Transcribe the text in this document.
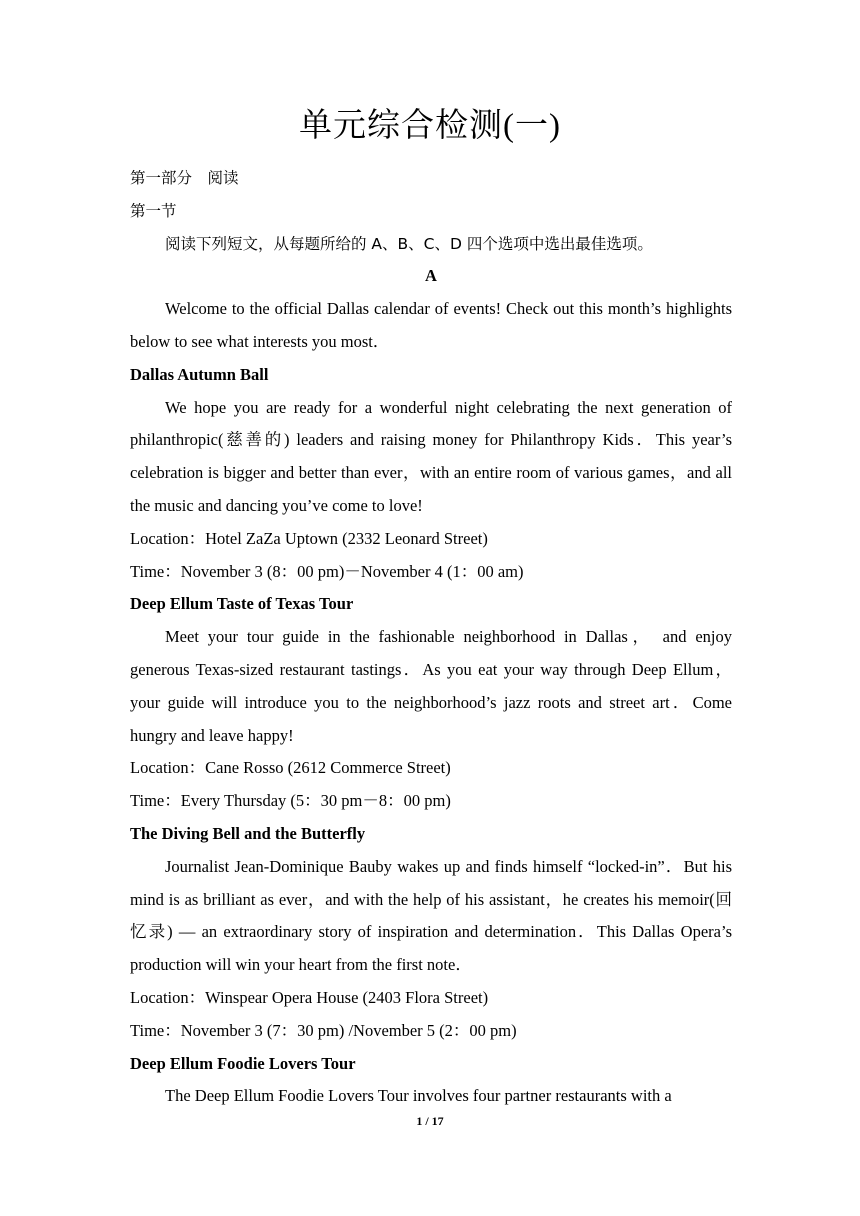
单元综合检测(一)
第一部分　阅读
第一节
阅读下列短文，从每题所给的 A、B、C、D 四个选项中选出最佳选项。
A
Welcome to the official Dallas calendar of events! Check out this month’s highlights below to see what interests you most．
Dallas Autumn Ball
We hope you are ready for a wonderful night celebrating the next generation of philanthropic(慈善的) leaders and raising money for Philanthropy Kids．This year’s celebration is bigger and better than ever，with an entire room of various games，and all the music and dancing you’ve come to love!
Location：Hotel ZaZa Uptown (2332 Leonard Street)
Time：November 3 (8：00 pm)－November 4 (1：00 am)
Deep Ellum Taste of Texas Tour
Meet your tour guide in the fashionable neighborhood in Dallas， and enjoy generous Texas-sized restaurant tastings．As you eat your way through Deep Ellum，your guide will introduce you to the neighborhood’s jazz roots and street art．Come hungry and leave happy!
Location：Cane Rosso (2612 Commerce Street)
Time：Every Thursday (5：30 pm－8：00 pm)
The Diving Bell and the Butterfly
Journalist Jean-Dominique Bauby wakes up and finds himself “locked-in”．But his mind is as brilliant as ever，and with the help of his assistant，he creates his memoir(回忆录) — an extraordinary story of inspiration and determination．This Dallas Opera’s production will win your heart from the first note．
Location：Winspear Opera House (2403 Flora Street)
Time：November 3 (7：30 pm) /November 5 (2：00 pm)
Deep Ellum Foodie Lovers Tour
The Deep Ellum Foodie Lovers Tour involves four partner restaurants with a
1 / 17
